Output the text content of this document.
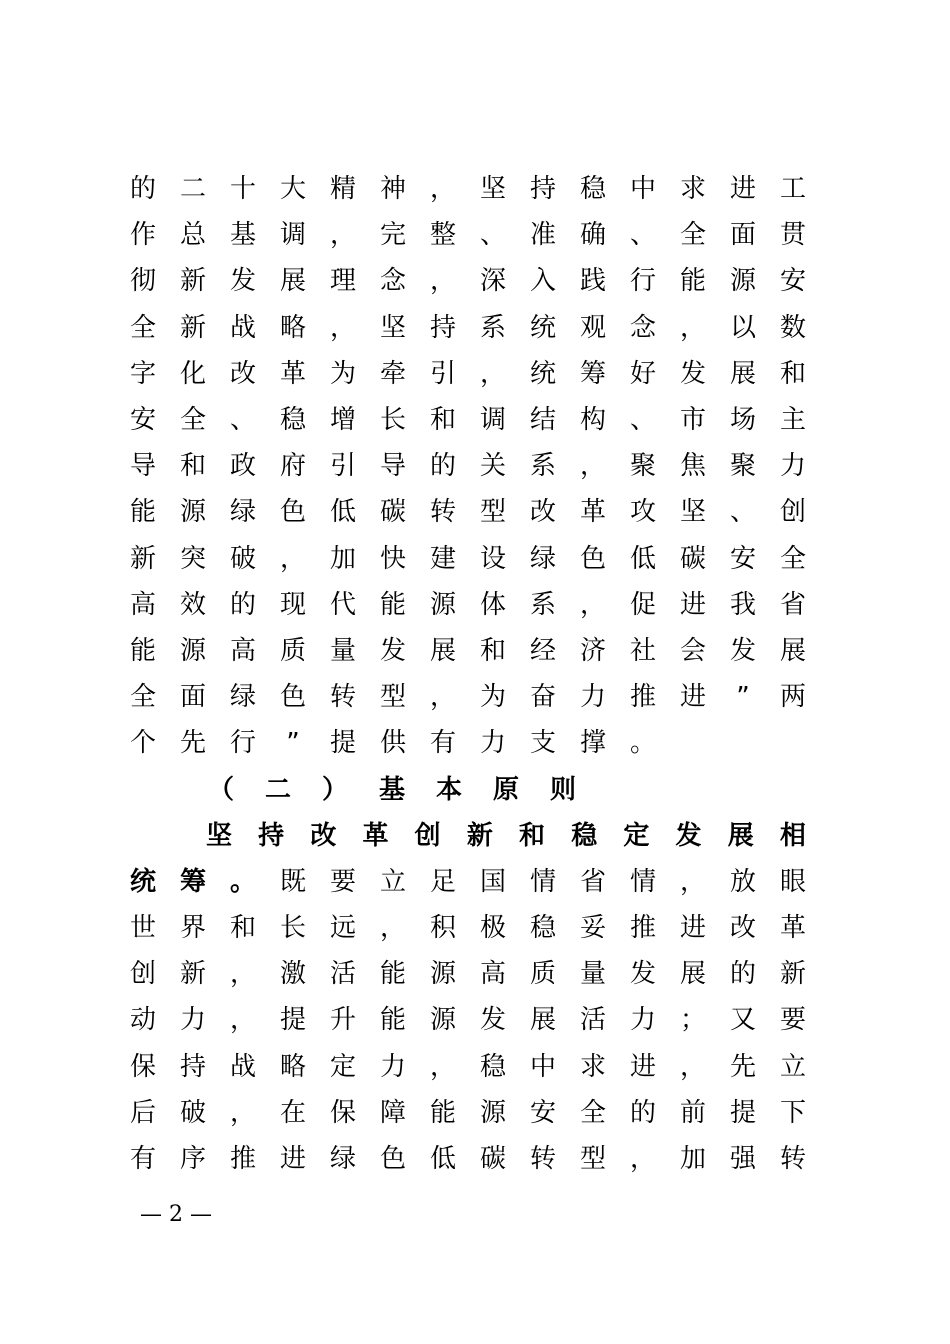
的 二 十 大 精 神 ， 坚 持 稳 中 求 进 工
作 总 基 调 ， 完 整 、 准 确 、 全 面 贯
彻 新 发 展 理 念 ， 深 入 践 行 能 源 安
全 新 战 略 ， 坚 持 系 统 观 念 ， 以 数
字 化 改 革 为 牵 引 ， 统 筹 好 发 展 和
安 全 、 稳 增 长 和 调 结 构 、 市 场 主
导 和 政 府 引 导 的 关 系 ， 聚 焦 聚 力
能 源 绿 色 低 碳 转 型 改 革 攻 坚 、 创
新 突 破 ， 加 快 建 设 绿 色 低 碳 安 全
高 效 的 现 代 能 源 体 系 ， 促 进 我 省
能 源 高 质 量 发 展 和 经 济 社 会 发 展
全 面 绿 色 转 型 ， 为 奋 力 推 进	”	两
个 先 行	”	提 供 有 力 支 撑 。
（ 二 ） 基 本 原 则
坚 持 改 革 创 新 和 稳 定 发 展 相
统 筹 。 既 要 立 足 国 情 省 情 ， 放 眼
世 界 和 长 远 ， 积 极 稳 妥 推 进 改 革
创 新 ， 激 活 能 源 高 质 量 发 展 的 新
动 力 ， 提 升 能 源 发 展 活 力 ； 又 要
保 持 战 略 定 力 ， 稳 中 求 进 ， 先 立
后 破 ， 在 保 障 能 源 安 全 的 前 提 下
有 序 推 进 绿 色 低 碳 转 型 ， 加 强 转
— 2 —
